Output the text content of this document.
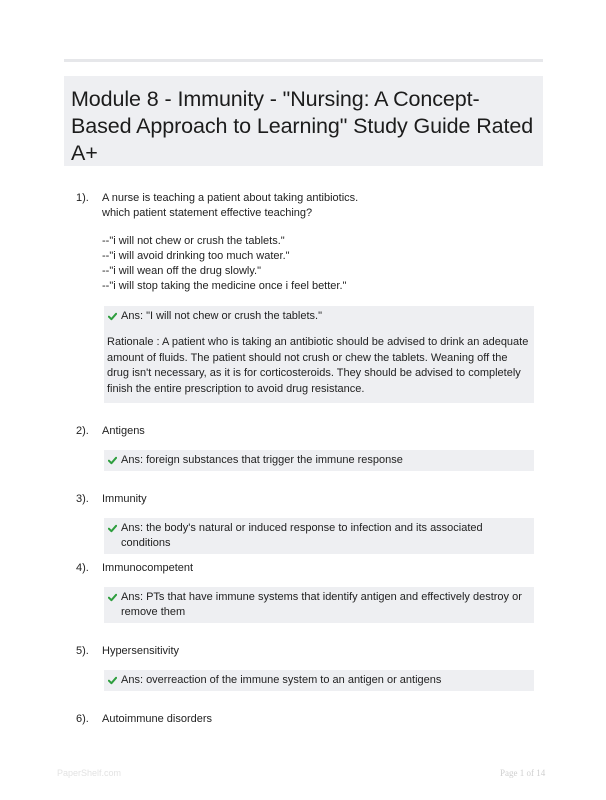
Module 8 - Immunity - "Nursing: A Concept-Based Approach to Learning" Study Guide Rated A+
1).	A nurse is teaching a patient about taking antibiotics.
which patient statement effective teaching?
--"i will not chew or crush the tablets."
--"i will avoid drinking too much water."
--"i will wean off the drug slowly."
--"i will stop taking the medicine once i feel better."
Ans: "I will not chew or crush the tablets."
Rationale : A patient who is taking an antibiotic should be advised to drink an adequate amount of fluids. The patient should not crush or chew the tablets. Weaning off the drug isn't necessary, as it is for corticosteroids. They should be advised to completely finish the entire prescription to avoid drug resistance.
2).	Antigens
Ans: foreign substances that trigger the immune response
3).	Immunity
Ans: the body's natural or induced response to infection and its associated conditions
4).	Immunocompetent
Ans: PTs that have immune systems that identify antigen and effectively destroy or remove them
5).	Hypersensitivity
Ans: overreaction of the immune system to an antigen or antigens
6).	Autoimmune disorders
PaperShelf.com	Page 1 of 14
